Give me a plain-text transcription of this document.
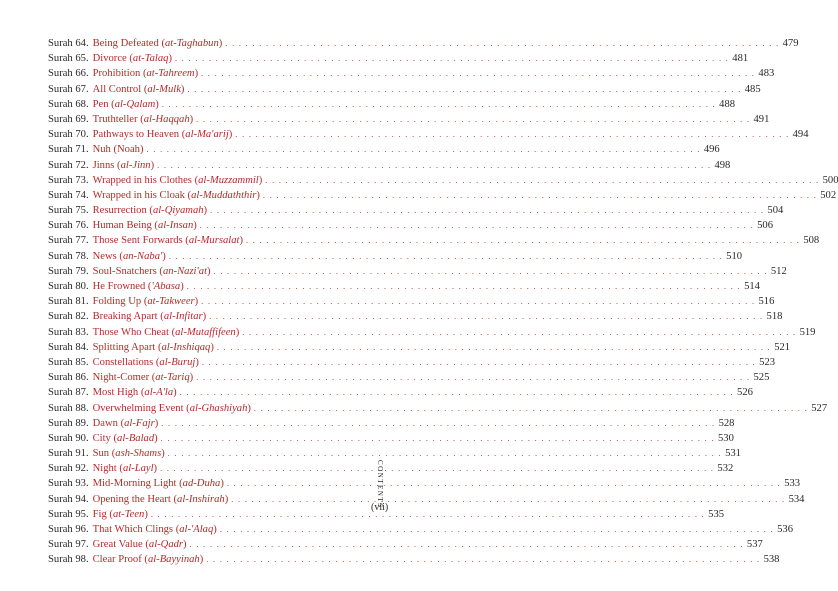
Surah 64. Being Defeated (at-Taghabun) . . . . . . . . . . . . . . . . . . . . . . . . . . . . . . . . . . . . . . . . . . . . . . . . . . . . . . . . . . . . . . . . . . . . . . . . . . . . . . . . . . 479
Surah 65. Divorce (at-Talaq) . . . . . . . . . . . . . . . . . . . . . . . . . . . . . . . . . . . . . . . . . . . . . . . . . . . . . . . . . . . . . . . . . . . . . . . . . . . . . . . . . . 481
Surah 66. Prohibition (at-Tahreem) . . . . . . . . . . . . . . . . . . . . . . . . . . . . . . . . . . . . . . . . . . . . . . . . . . . . . . . . . . . . . . . . . . . . . . . . . . . . . . . . . . 483
Surah 67. All Control (al-Mulk) . . . . . . . . . . . . . . . . . . . . . . . . . . . . . . . . . . . . . . . . . . . . . . . . . . . . . . . . . . . . . . . . . . . . . . . . . . . . . . . . . . 485
Surah 68. Pen (al-Qalam) . . . . . . . . . . . . . . . . . . . . . . . . . . . . . . . . . . . . . . . . . . . . . . . . . . . . . . . . . . . . . . . . . . . . . . . . . . . . . . . . . . 488
Surah 69. Truthteller (al-Haqqah) . . . . . . . . . . . . . . . . . . . . . . . . . . . . . . . . . . . . . . . . . . . . . . . . . . . . . . . . . . . . . . . . . . . . . . . . . . . . . . . . . . 491
Surah 70. Pathways to Heaven (al-Ma'arij) . . . . . . . . . . . . . . . . . . . . . . . . . . . . . . . . . . . . . . . . . . . . . . . . . . . . . . . . . . . . . . . . . . . . . . . . . . . . . . . . . . 494
Surah 71. Nuh (Noah) . . . . . . . . . . . . . . . . . . . . . . . . . . . . . . . . . . . . . . . . . . . . . . . . . . . . . . . . . . . . . . . . . . . . . . . . . . . . . . . . . . 496
Surah 72. Jinns (al-Jinn) . . . . . . . . . . . . . . . . . . . . . . . . . . . . . . . . . . . . . . . . . . . . . . . . . . . . . . . . . . . . . . . . . . . . . . . . . . . . . . . . . . 498
Surah 73. Wrapped in his Clothes (al-Muzzammil) . . . . . . . . . . . . . . . . . . . . . . . . . . . . . . . . . . . . . . . . . . . . . . . . . . . . . . . . . . . . . . . . . . . . . . . . . . . . . . . . . . 500
Surah 74. Wrapped in his Cloak (al-Muddaththir) . . . . . . . . . . . . . . . . . . . . . . . . . . . . . . . . . . . . . . . . . . . . . . . . . . . . . . . . . . . . . . . . . . . . . . . . . . . . . . . . . . 502
Surah 75. Resurrection (al-Qiyamah) . . . . . . . . . . . . . . . . . . . . . . . . . . . . . . . . . . . . . . . . . . . . . . . . . . . . . . . . . . . . . . . . . . . . . . . . . . . . . . . . . . 504
Surah 76. Human Being (al-Insan) . . . . . . . . . . . . . . . . . . . . . . . . . . . . . . . . . . . . . . . . . . . . . . . . . . . . . . . . . . . . . . . . . . . . . . . . . . . . . . . . . . 506
Surah 77. Those Sent Forwards (al-Mursalat) . . . . . . . . . . . . . . . . . . . . . . . . . . . . . . . . . . . . . . . . . . . . . . . . . . . . . . . . . . . . . . . . . . . . . . . . . . . . . . . . . . 508
Surah 78. News (an-Naba') . . . . . . . . . . . . . . . . . . . . . . . . . . . . . . . . . . . . . . . . . . . . . . . . . . . . . . . . . . . . . . . . . . . . . . . . . . . . . . . . . . 510
Surah 79. Soul-Snatchers (an-Nazi'at) . . . . . . . . . . . . . . . . . . . . . . . . . . . . . . . . . . . . . . . . . . . . . . . . . . . . . . . . . . . . . . . . . . . . . . . . . . . . . . . . . . 512
Surah 80. He Frowned ('Abasa) . . . . . . . . . . . . . . . . . . . . . . . . . . . . . . . . . . . . . . . . . . . . . . . . . . . . . . . . . . . . . . . . . . . . . . . . . . . . . . . . . . 514
Surah 81. Folding Up (at-Takweer) . . . . . . . . . . . . . . . . . . . . . . . . . . . . . . . . . . . . . . . . . . . . . . . . . . . . . . . . . . . . . . . . . . . . . . . . . . . . . . . . . . 516
Surah 82. Breaking Apart (al-Infitar) . . . . . . . . . . . . . . . . . . . . . . . . . . . . . . . . . . . . . . . . . . . . . . . . . . . . . . . . . . . . . . . . . . . . . . . . . . . . . . . . . . 518
Surah 83. Those Who Cheat (al-Mutaffifeen) . . . . . . . . . . . . . . . . . . . . . . . . . . . . . . . . . . . . . . . . . . . . . . . . . . . . . . . . . . . . . . . . . . . . . . . . . . . . . . . . . . 519
Surah 84. Splitting Apart (al-Inshiqaq) . . . . . . . . . . . . . . . . . . . . . . . . . . . . . . . . . . . . . . . . . . . . . . . . . . . . . . . . . . . . . . . . . . . . . . . . . . . . . . . . . . 521
Surah 85. Constellations (al-Buruj) . . . . . . . . . . . . . . . . . . . . . . . . . . . . . . . . . . . . . . . . . . . . . . . . . . . . . . . . . . . . . . . . . . . . . . . . . . . . . . . . . . 523
Surah 86. Night-Comer (at-Tariq) . . . . . . . . . . . . . . . . . . . . . . . . . . . . . . . . . . . . . . . . . . . . . . . . . . . . . . . . . . . . . . . . . . . . . . . . . . . . . . . . . . 525
Surah 87. Most High (al-A'la) . . . . . . . . . . . . . . . . . . . . . . . . . . . . . . . . . . . . . . . . . . . . . . . . . . . . . . . . . . . . . . . . . . . . . . . . . . . . . . . . . . 526
Surah 88. Overwhelming Event (al-Ghashiyah) . . . . . . . . . . . . . . . . . . . . . . . . . . . . . . . . . . . . . . . . . . . . . . . . . . . . . . . . . . . . . . . . . . . . . . . . . . . . . . . . . . 527
Surah 89. Dawn (al-Fajr) . . . . . . . . . . . . . . . . . . . . . . . . . . . . . . . . . . . . . . . . . . . . . . . . . . . . . . . . . . . . . . . . . . . . . . . . . . . . . . . . . . 528
Surah 90. City (al-Balad) . . . . . . . . . . . . . . . . . . . . . . . . . . . . . . . . . . . . . . . . . . . . . . . . . . . . . . . . . . . . . . . . . . . . . . . . . . . . . . . . . . 530
Surah 91. Sun (ash-Shams) . . . . . . . . . . . . . . . . . . . . . . . . . . . . . . . . . . . . . . . . . . . . . . . . . . . . . . . . . . . . . . . . . . . . . . . . . . . . . . . . . . 531
Surah 92. Night (al-Layl) . . . . . . . . . . . . . . . . . . . . . . . . . . . . . . . . . . . . . . . . . . . . . . . . . . . . . . . . . . . . . . . . . . . . . . . . . . . . . . . . . . 532
Surah 93. Mid-Morning Light (ad-Duha) . . . . . . . . . . . . . . . . . . . . . . . . . . . . . . . . . . . . . . . . . . . . . . . . . . . . . . . . . . . . . . . . . . . . . . . . . . . . . . . . . . 533
Surah 94. Opening the Heart (al-Inshirah) . . . . . . . . . . . . . . . . . . . . . . . . . . . . . . . . . . . . . . . . . . . . . . . . . . . . . . . . . . . . . . . . . . . . . . . . . . . . . . . . . . 534
Surah 95. Fig (at-Teen) . . . . . . . . . . . . . . . . . . . . . . . . . . . . . . . . . . . . . . . . . . . . . . . . . . . . . . . . . . . . . . . . . . . . . . . . . . . . . . . . . . 535
Surah 96. That Which Clings (al-'Alaq) . . . . . . . . . . . . . . . . . . . . . . . . . . . . . . . . . . . . . . . . . . . . . . . . . . . . . . . . . . . . . . . . . . . . . . . . . . . . . . . . . . 536
Surah 97. Great Value (al-Qadr) . . . . . . . . . . . . . . . . . . . . . . . . . . . . . . . . . . . . . . . . . . . . . . . . . . . . . . . . . . . . . . . . . . . . . . . . . . . . . . . . . . 537
Surah 98. Clear Proof (al-Bayyinah) . . . . . . . . . . . . . . . . . . . . . . . . . . . . . . . . . . . . . . . . . . . . . . . . . . . . . . . . . . . . . . . . . . . . . . . . . . . . . . . . . . 538
CONTENTS
(vii)
